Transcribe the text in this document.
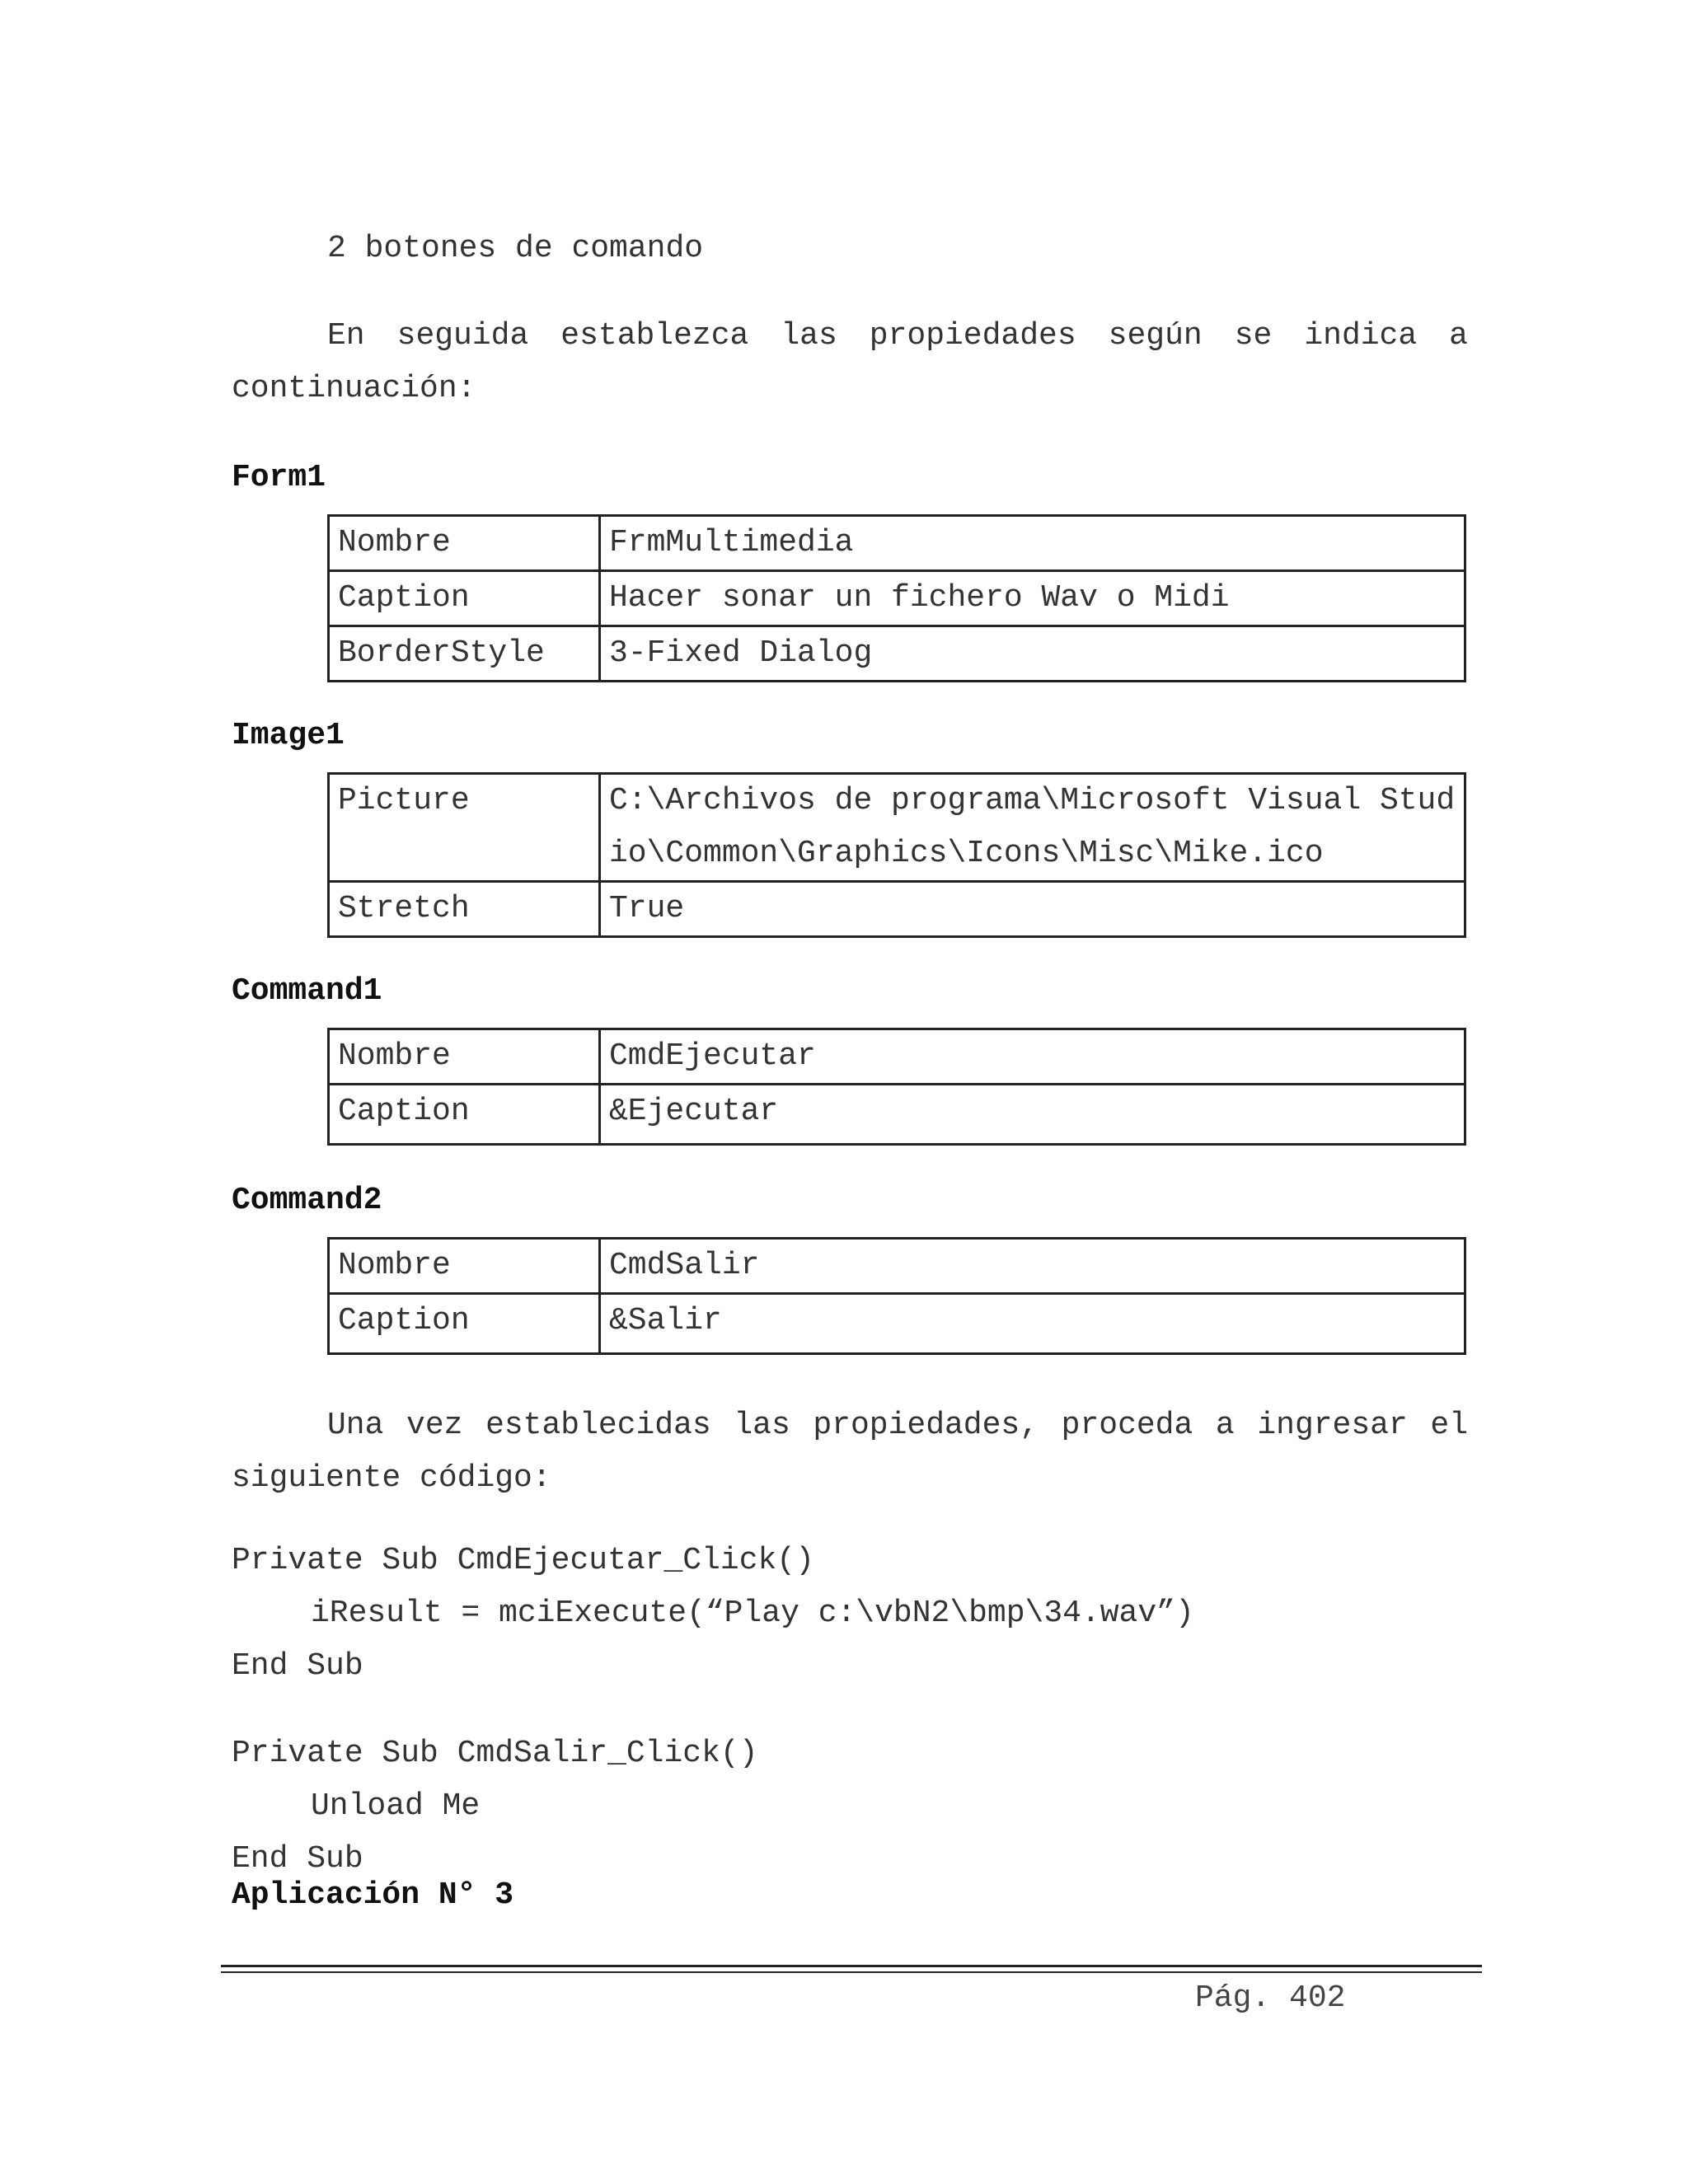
2 botones de comando
En seguida establezca las propiedades según se indica a continuación:
Form1
Nombre	FrmMultimedia
Caption	Hacer sonar un fichero Wav o Midi
BorderStyle	3-Fixed Dialog
Image1
Picture	C:\Archivos de programa\Microsoft Visual Studio\Common\Graphics\Icons\Misc\Mike.ico
Stretch	True
Command1
Nombre	CmdEjecutar
Caption	&Ejecutar
Command2
Nombre	CmdSalir
Caption	&Salir
Una vez establecidas las propiedades, proceda a ingresar el siguiente código:
Private Sub CmdEjecutar_Click()
iResult = mciExecute(“Play c:\vbN2\bmp\34.wav”)
End Sub
Private Sub CmdSalir_Click()
Unload Me
End Sub
Aplicación N° 3
Pág. 402
